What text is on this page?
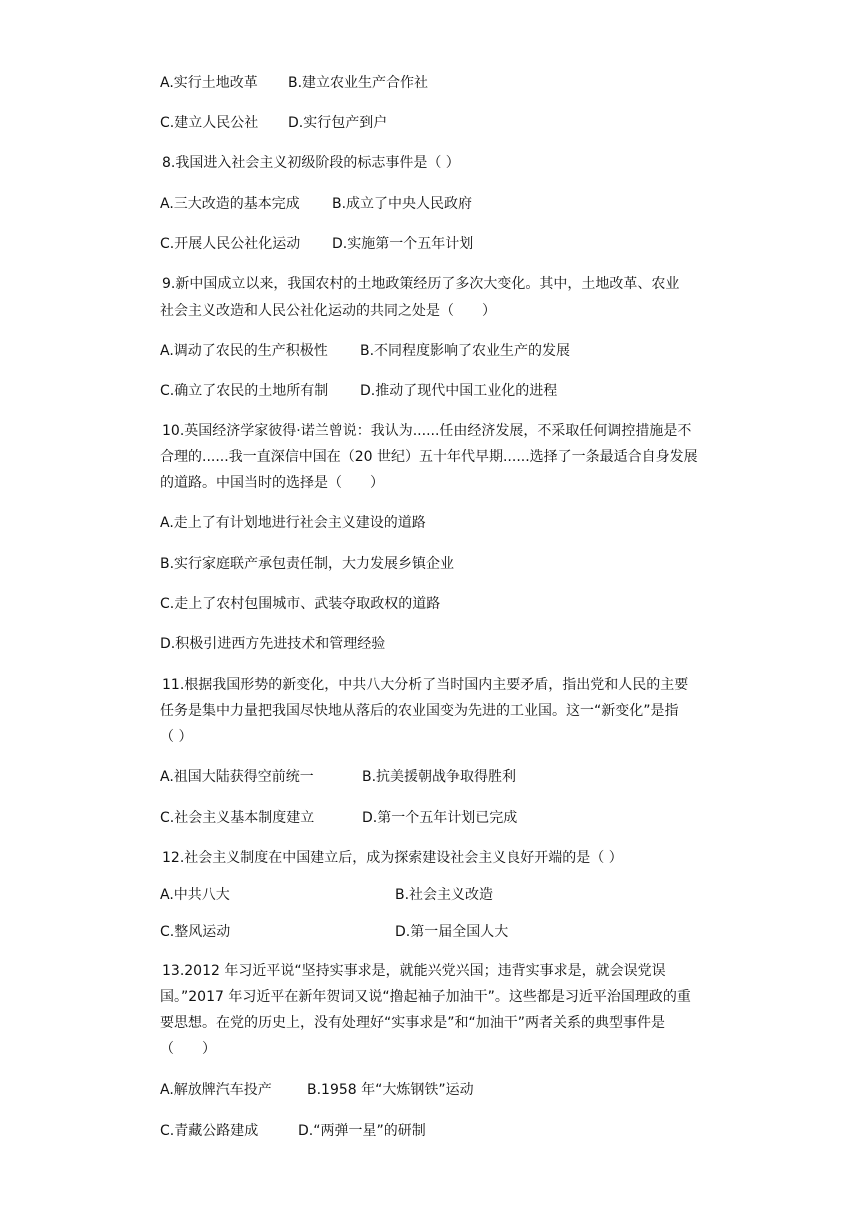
A.实行土地改革 B.建立农业生产合作社
C.建立人民公社 D.实行包产到户
8.我国进入社会主义初级阶段的标志事件是（ ）
A.三大改造的基本完成 B.成立了中央人民政府
C.开展人民公社化运动 D.实施第一个五年计划
9.新中国成立以来，我国农村的土地政策经历了多次大变化。其中，土地改革、农业
社会主义改造和人民公社化运动的共同之处是（　　）
A.调动了农民的生产积极性 B.不同程度影响了农业生产的发展
C.确立了农民的土地所有制 D.推动了现代中国工业化的进程
10.英国经济学家彼得·诺兰曾说：我认为......任由经济发展，不采取任何调控措施是不
合理的......我一直深信中国在（20 世纪）五十年代早期......选择了一条最适合自身发展
的道路。中国当时的选择是（　　）
A.走上了有计划地进行社会主义建设的道路
B.实行家庭联产承包责任制，大力发展乡镇企业
C.走上了农村包围城市、武装夺取政权的道路
D.积极引进西方先进技术和管理经验
11.根据我国形势的新变化，中共八大分析了当时国内主要矛盾，指出党和人民的主要
任务是集中力量把我国尽快地从落后的农业国变为先进的工业国。这一“新变化”是指
（ ）
A.祖国大陆获得空前统一	B.抗美援朝战争取得胜利
C.社会主义基本制度建立	D.第一个五年计划已完成
12.社会主义制度在中国建立后，成为探索建设社会主义良好开端的是（ ）
A.中共八大	B.社会主义改造
C.整风运动	D.第一届全国人大
13.2012 年习近平说“坚持实事求是，就能兴党兴国；违背实事求是，就会误党误
国。”2017 年习近平在新年贺词又说“撸起袖子加油干”。这些都是习近平治国理政的重
要思想。在党的历史上，没有处理好“实事求是”和“加油干”两者关系的典型事件是
（　　）
A.解放牌汽车投产	B.1958 年“大炼钢铁”运动
C.青藏公路建成	D.“两弹一星”的研制
